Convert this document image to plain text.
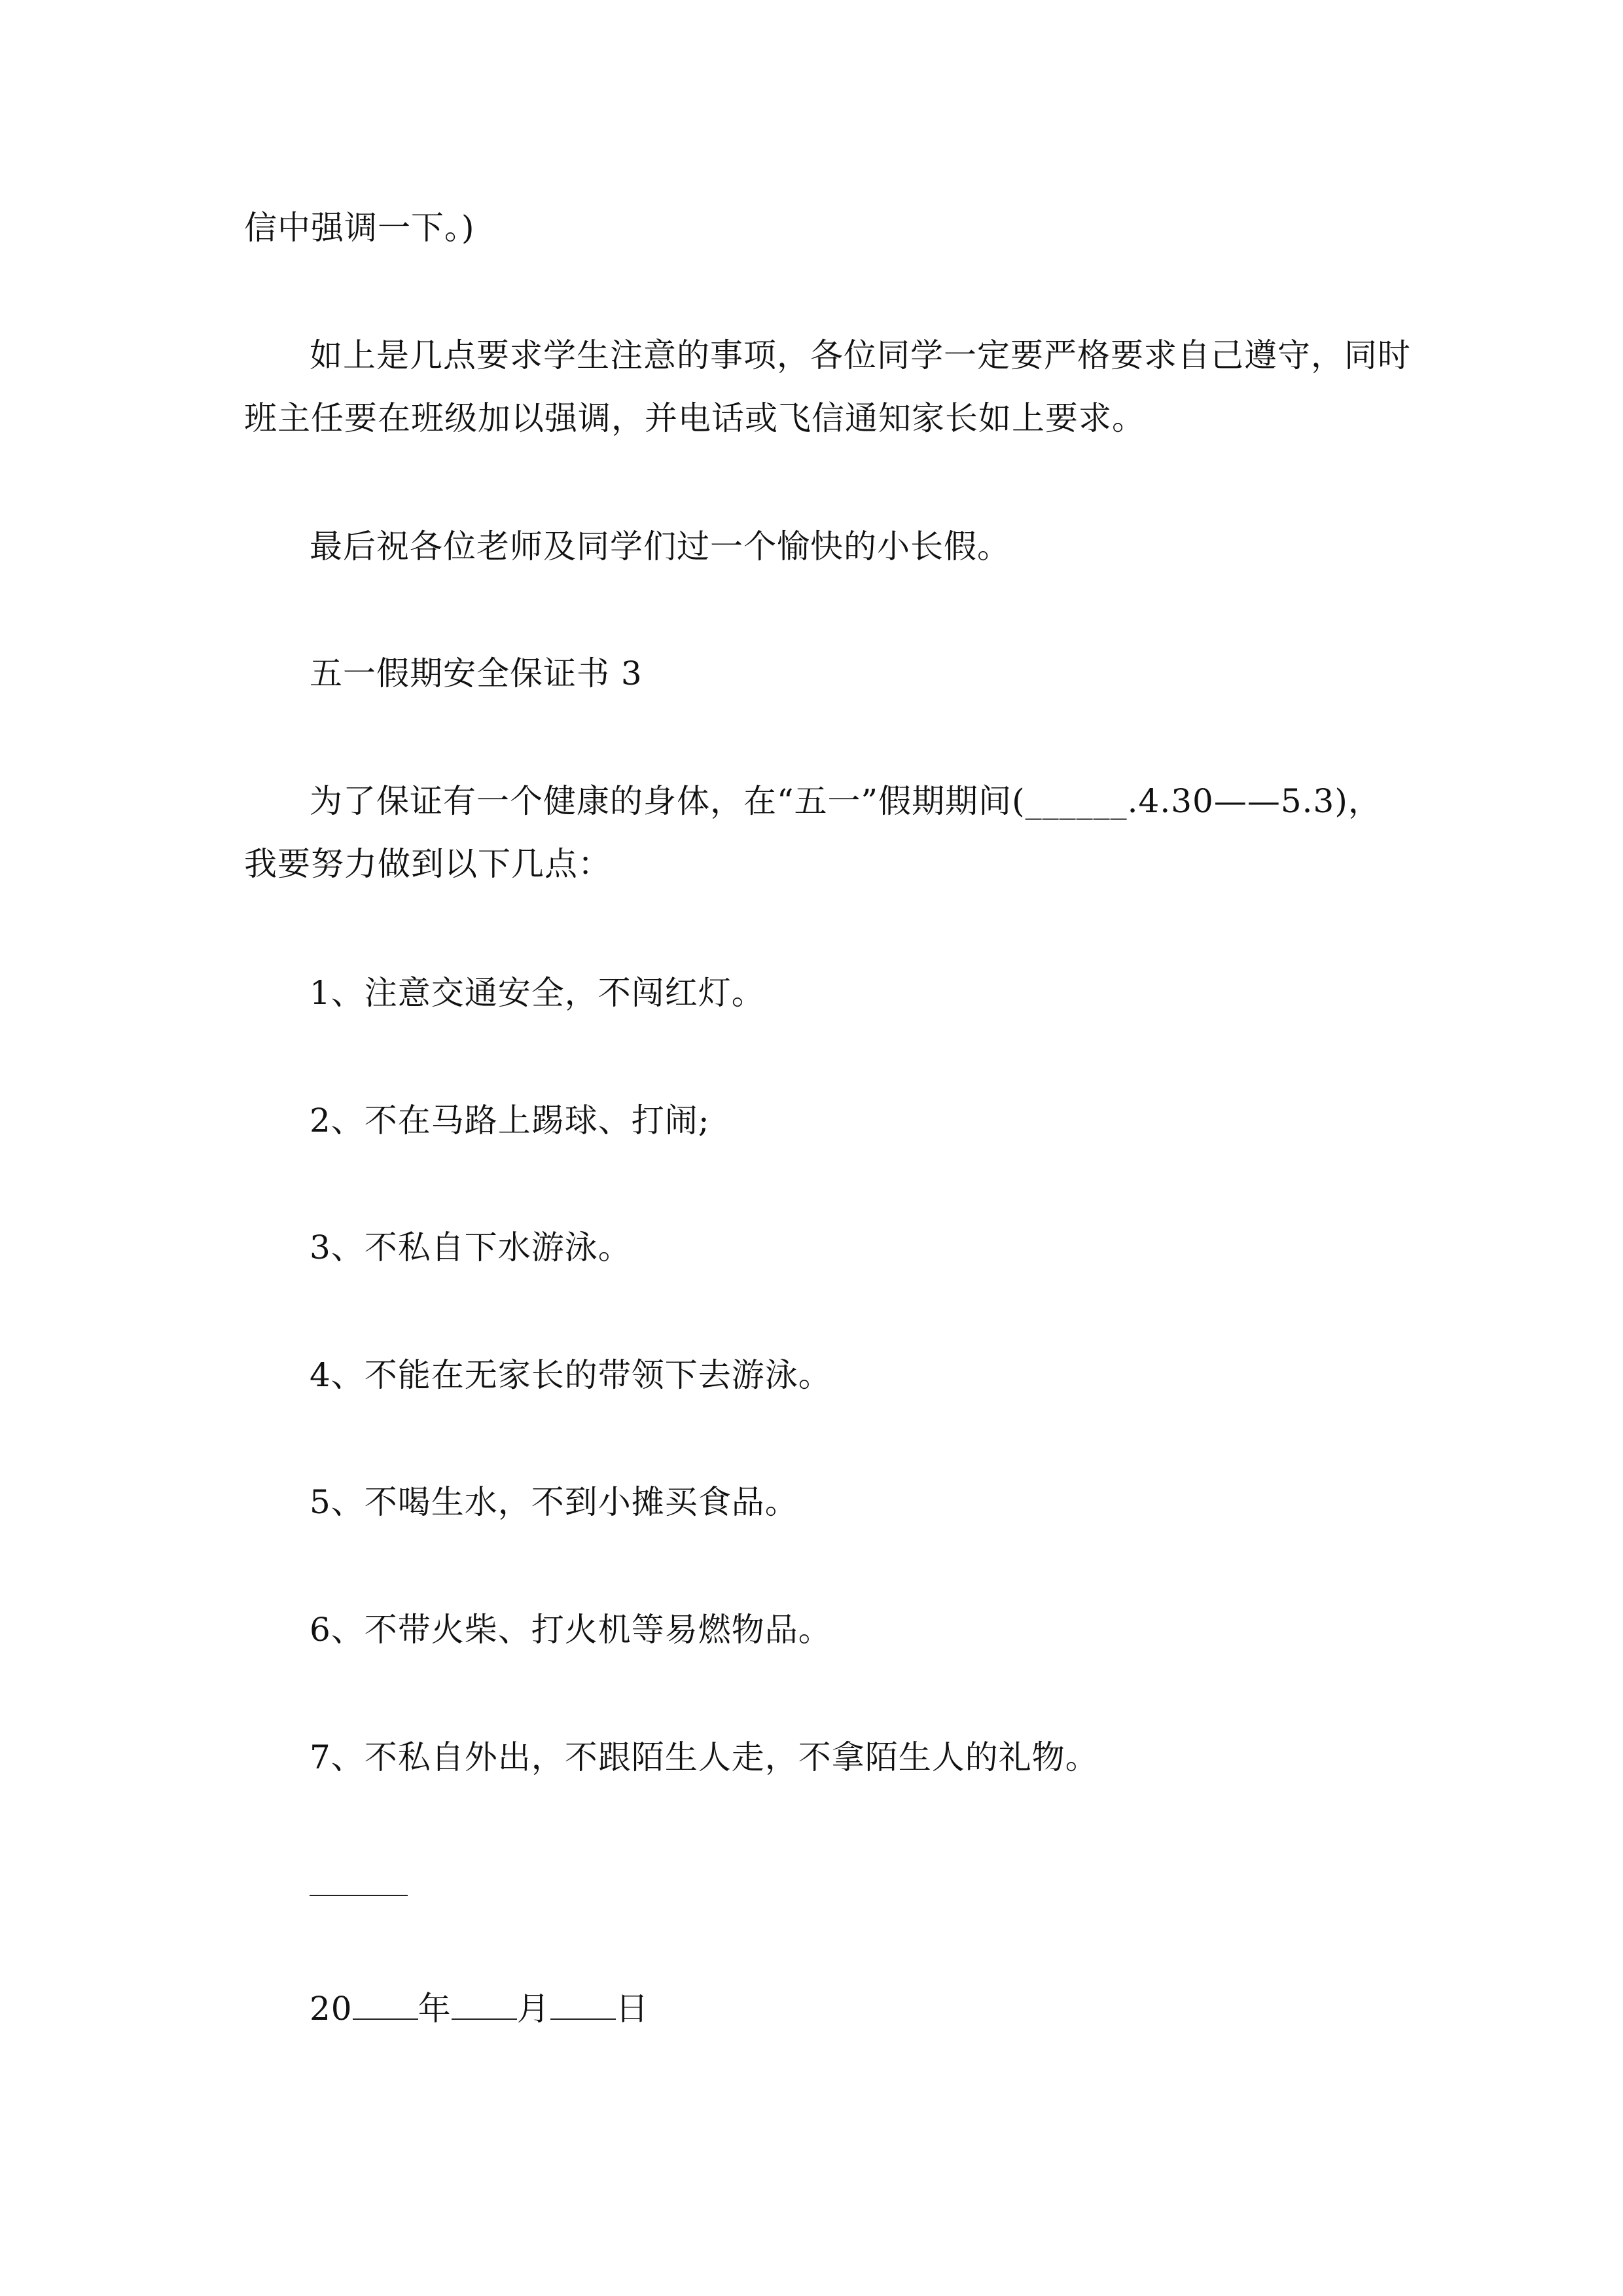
信中强调一下。)

如上是几点要求学生注意的事项，各位同学一定要严格要求自己遵守，同时

班主任要在班级加以强调，并电话或飞信通知家长如上要求。

最后祝各位老师及同学们过一个愉快的小长假。

五一假期安全保证书 3

为了保证有一个健康的身体，在“五一”假期期间(______.4.30——5.3)，

我要努力做到以下几点：

1、注意交通安全，不闯红灯。

2、不在马路上踢球、打闹;

3、不私自下水游泳。

4、不能在无家长的带领下去游泳。

5、不喝生水，不到小摊买食品。

6、不带火柴、打火机等易燃物品。

7、不私自外出，不跟陌生人走，不拿陌生人的礼物。

20 年 月 日
